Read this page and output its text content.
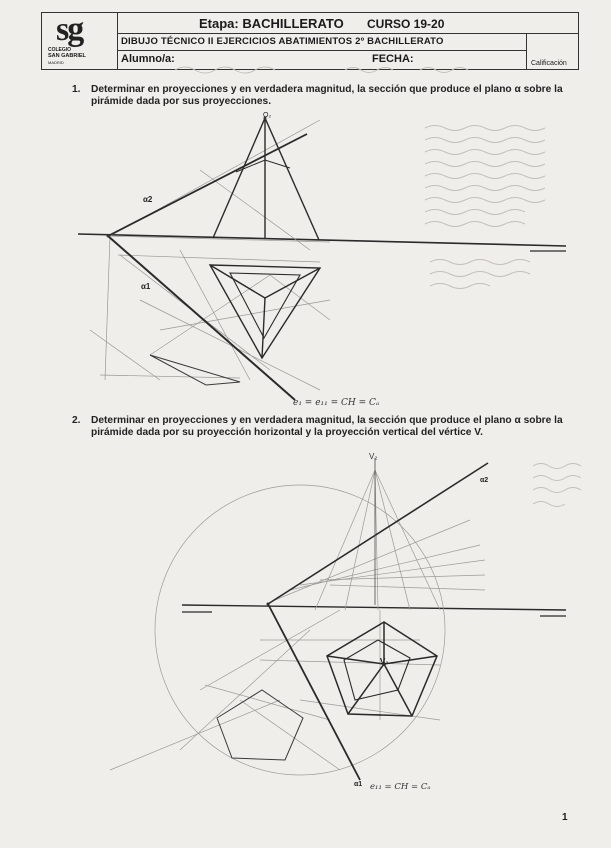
sg
COLEGIO
SAN GABRIEL
MADRID
Etapa: BACHILLERATO CURSO 19-20
DIBUJO TÉCNICO II EJERCICIOS ABATIMIENTOS 2º BACHILLERATO
Alumno/a:	FECHA:	Calificación
1. Determinar en proyecciones y en verdadera magnitud, la sección que produce el plano α sobre la pirámide dada por sus proyecciones.
α2
α1
O₂
e₁ = e₁₁ = CH = Cₐ
2. Determinar en proyecciones y en verdadera magnitud, la sección que produce el plano α sobre la pirámide dada por su proyección horizontal y la proyección vertical del vértice V.
V₂
α2
α1
V₁
e₁₁ = CH = Cₐ
1
